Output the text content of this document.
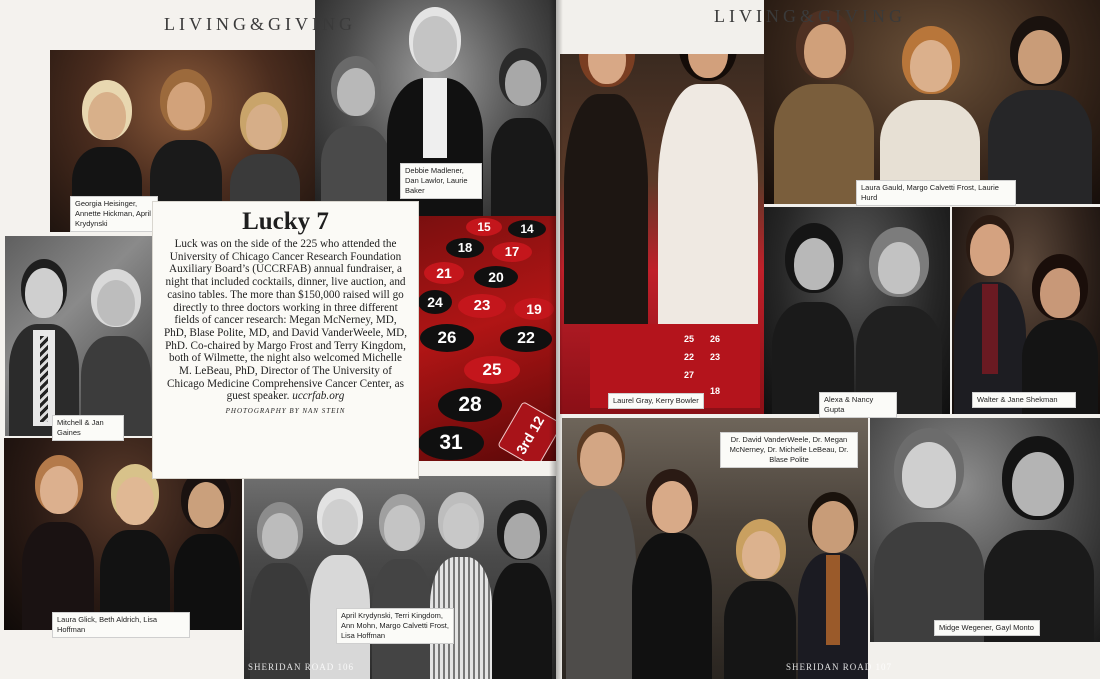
LIVING&GIVING
Georgia Heisinger, Annette Hickman, April Krydynski
Debbie Madlener, Dan Lawlor, Laurie Baker
Mitchell & Jan Gaines
Lucky 7

Luck was on the side of the 225 who attended the University of Chicago Cancer Research Foundation Auxiliary Board’s (UCCRFAB) annual fundraiser, a night that included cocktails, dinner, live auction, and casino tables. The more than $150,000 raised will go directly to three doctors working in three different fields of cancer research: Megan McNerney, MD, PhD, Blase Polite, MD, and David VanderWeele, MD, PhD. Co-chaired by Margo Frost and Terry Kingdom, both of Wilmette, the night also welcomed Michelle M. LeBeau, PhD, Director of The University of Chicago Medicine Comprehensive Cancer Center, as guest speaker. uccrfab.org

PHOTOGRAPHY BY NAN STEIN
15	14
18	17
21	20
24	23	19
26	22
25
28
31	3rd 12
Laura Glick, Beth Aldrich, Lisa Hoffman
April Krydynski, Terri Kingdom, Ann Mohn, Margo Calvetti Frost, Lisa Hoffman
SHERIDAN ROAD 106
LIVING&GIVING
25 26
22 23
27
18
Laurel Gray, Kerry Bowler
Laura Gauld, Margo Calvetti Frost, Laurie Hurd
Alexa & Nancy Gupta
Walter & Jane Shekman
Dr. David VanderWeele, Dr. Megan McNerney, Dr. Michelle LeBeau, Dr. Blase Polite
SHERIDAN ROAD 107
Midge Wegener, Gayl Monto
